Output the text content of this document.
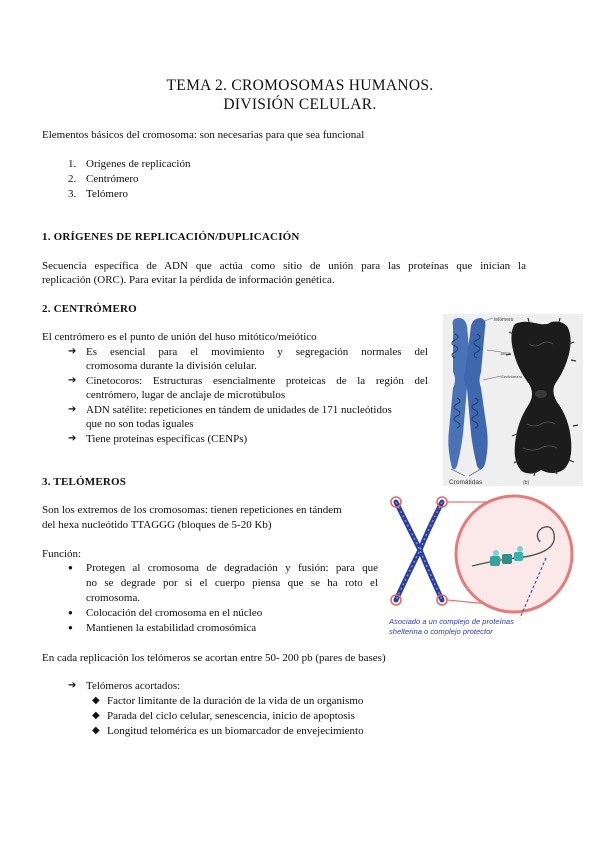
TEMA 2. CROMOSOMAS HUMANOS.
DIVISIÓN CELULAR.
Elementos básicos del cromosoma: son necesarias para que sea funcional
1. Orígenes de replicación
2. Centrómero
3. Telómero
1. ORÍGENES DE REPLICACIÓN/DUPLICACIÓN
Secuencia específica de ADN que actúa como sitio de unión para las proteínas que inician la
replicación (ORC). Para evitar la pérdida de información genética.
2. CENTRÓMERO
El centrómero es el punto de unión del huso mitótico/meiótico
➔ Es esencial para el movimiento y segregación normales del
cromosoma durante la división celular.
➔ Cinetocoros: Estructuras esencialmente proteicas de la región del
centrómero, lugar de anclaje de microtúbulos
➔ ADN satélite: repeticiones en tándem de unidades de 171 nucleótidos
que no son todas iguales
➔ Tiene proteínas específicas (CENPs)
telómero
DNA
Centrómero
Cromátidas	(b)
3. TELÓMEROS
Son los extremos de los cromosomas: tienen repeticiones en tándem
del hexa nucleótido TTAGGG (bloques de 5-20 Kb)
Función:
● Protegen al cromosoma de degradación y fusión: para que
no se degrade por si el cuerpo piensa que se ha roto el
cromosoma.
● Colocación del cromosoma en el núcleo
● Mantienen la estabilidad cromosómica
Asociado a un complejo de proteínas
shelterina o complejo protector
En cada replicación los telómeros se acortan entre 50- 200 pb (pares de bases)
➔ Telómeros acortados:
◆ Factor limitante de la duración de la vida de un organismo
◆ Parada del ciclo celular, senescencia, inicio de apoptosis
◆ Longitud telomérica es un biomarcador de envejecimiento
